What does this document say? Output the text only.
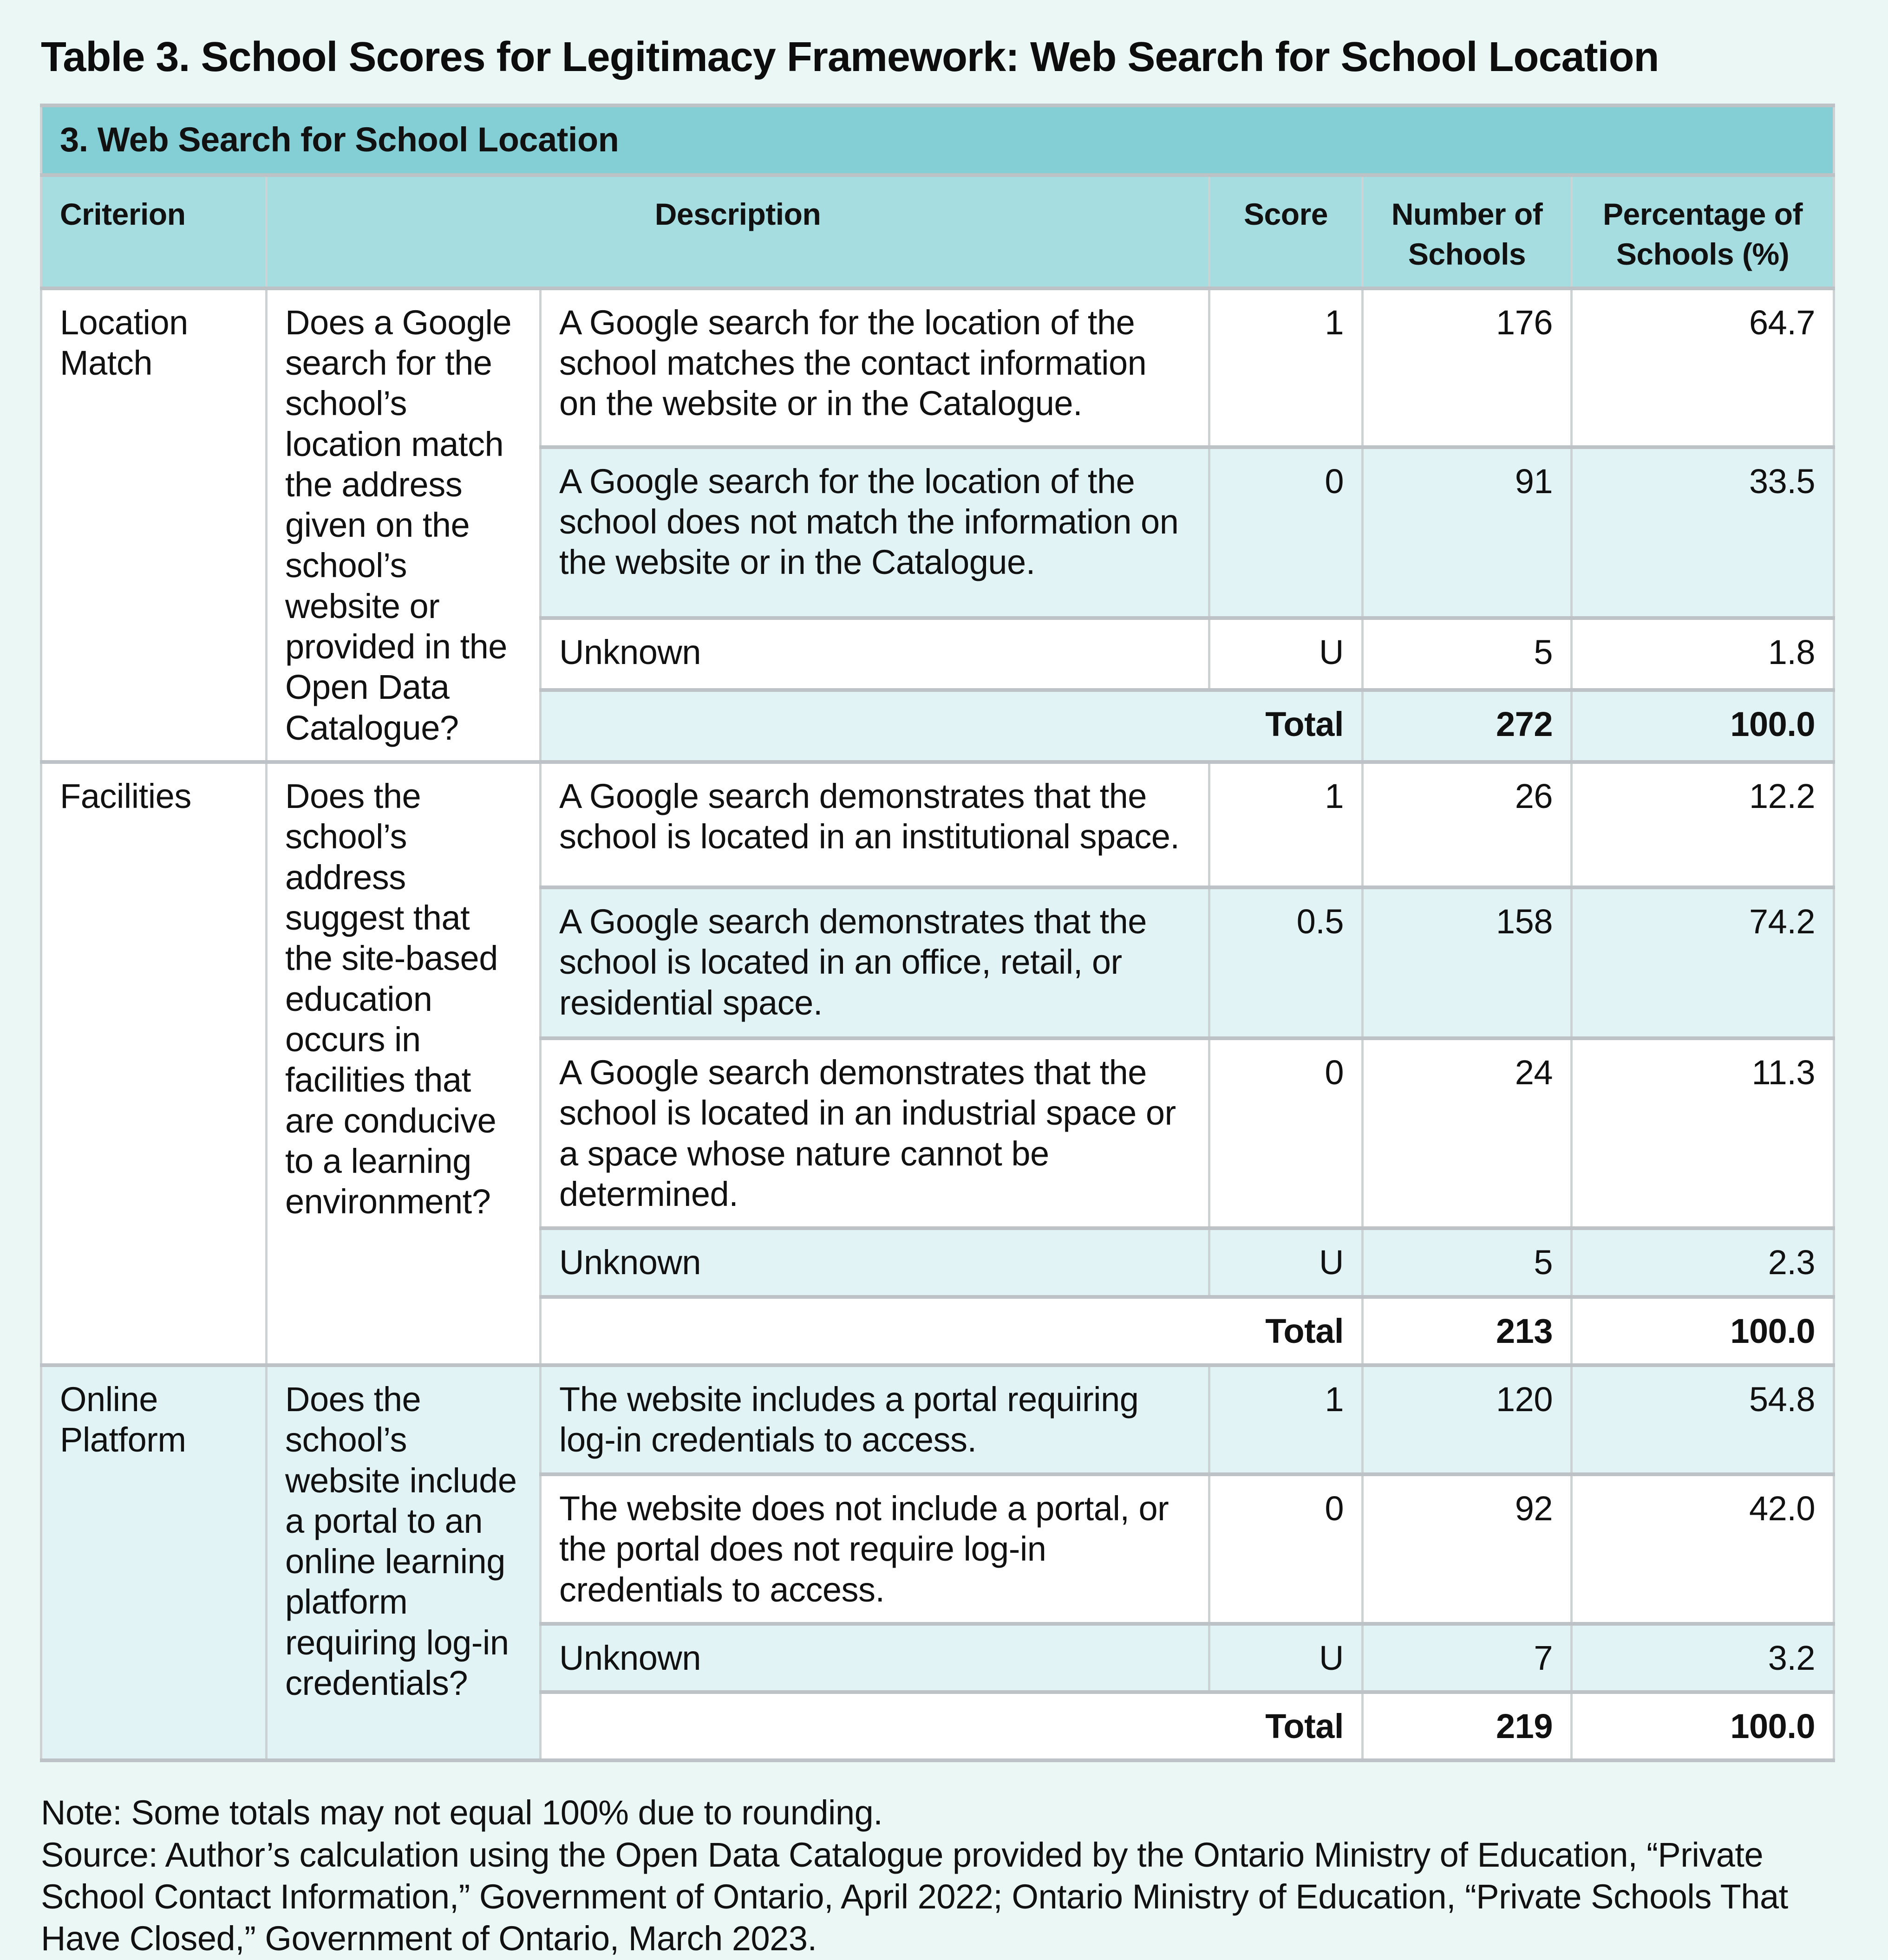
Table 3. School Scores for Legitimacy Framework: Web Search for School Location
3. Web Search for School Location					
Criterion	Description		Score	Number of Schools	Percentage of Schools (%)
Location Match	Does a Google search for the school’s location match the address given on the school’s website or provided in the Open Data Catalogue?	A Google search for the location of the school matches the contact information on the website or in the Catalogue.	1	176	64.7
		A Google search for the location of the school does not match the information on the website or in the Catalogue.	0	91	33.5
		Unknown	U	5	1.8
		Total		272	100.0
Facilities	Does the school’s address suggest that the site-based education occurs in facilities that are conducive to a learning environment?	A Google search demonstrates that the school is located in an institutional space.	1	26	12.2
		A Google search demonstrates that the school is located in an office, retail, or residential space.	0.5	158	74.2
		A Google search demonstrates that the school is located in an industrial space or a space whose nature cannot be determined.	0	24	11.3
		Unknown	U	5	2.3
		Total		213	100.0
Online Platform	Does the school’s website include a portal to an online learning platform requiring log-in credentials?	The website includes a portal requiring log-in credentials to access.	1	120	54.8
		The website does not include a portal, or the portal does not require log-in credentials to access.	0	92	42.0
		Unknown	U	7	3.2
		Total		219	100.0

Note: Some totals may not equal 100% due to rounding.

Source: Author’s calculation using the Open Data Catalogue provided by the Ontario Ministry of Education, “Private School Contact Information,” Government of Ontario, April 2022; Ontario Ministry of Education, “Private Schools That Have Closed,” Government of Ontario, March 2023.
